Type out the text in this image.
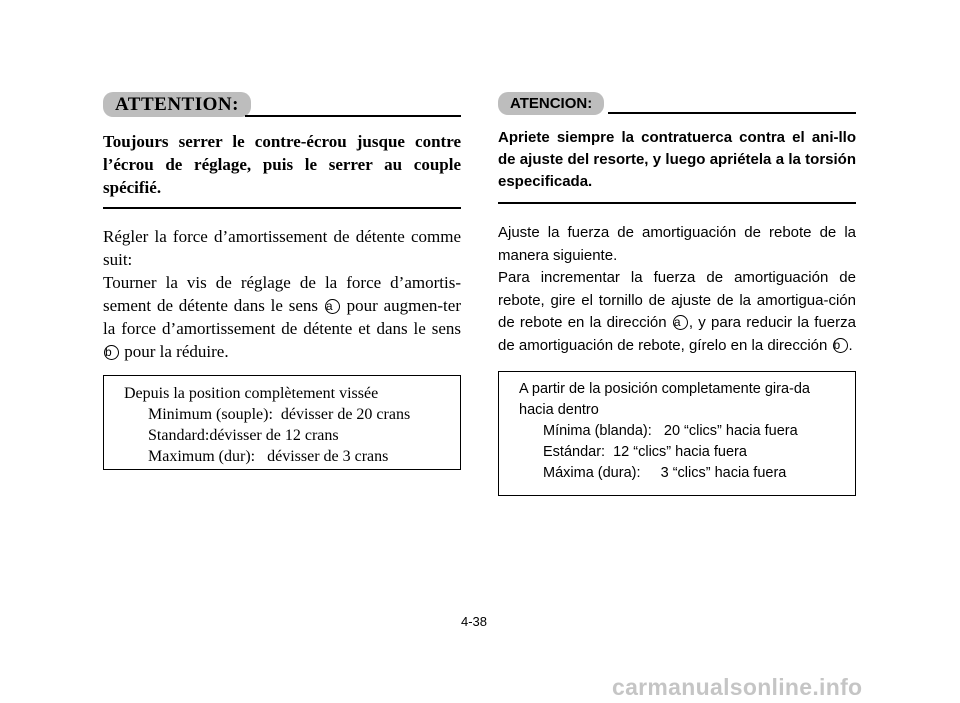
ATTENTION:

Toujours serrer le contre-écrou jusque contre l’écrou de réglage, puis le serrer au couple spécifié.

Régler la force d’amortissement de détente comme suit:

Tourner la vis de réglage de la force d’amortis-sement de détente dans le sens a pour augmen-ter la force d’amortissement de détente et dans le sens b pour la réduire.

Depuis la position complètement vissée
Minimum (souple):  dévisser de 20 crans
Standard:dévisser de 12 crans
Maximum (dur):   dévisser de 3 crans
ATENCION:

Apriete siempre la contratuerca contra el ani-llo de ajuste del resorte, y luego apriétela a la torsión especificada.

Ajuste la fuerza de amortiguación de rebote de la manera siguiente.

Para incrementar la fuerza de amortiguación de rebote, gire el tornillo de ajuste de la amortigua-ción de rebote en la dirección a , y para reducir la fuerza de amortiguación de rebote, gírelo en la dirección b .

A partir de la posición completamente gira-da hacia dentro
Mínima (blanda):   20 “clics” hacia fuera
Estándar:  12 “clics” hacia fuera
Máxima (dura):     3 “clics” hacia fuera
4-38
carmanualsonline.info
